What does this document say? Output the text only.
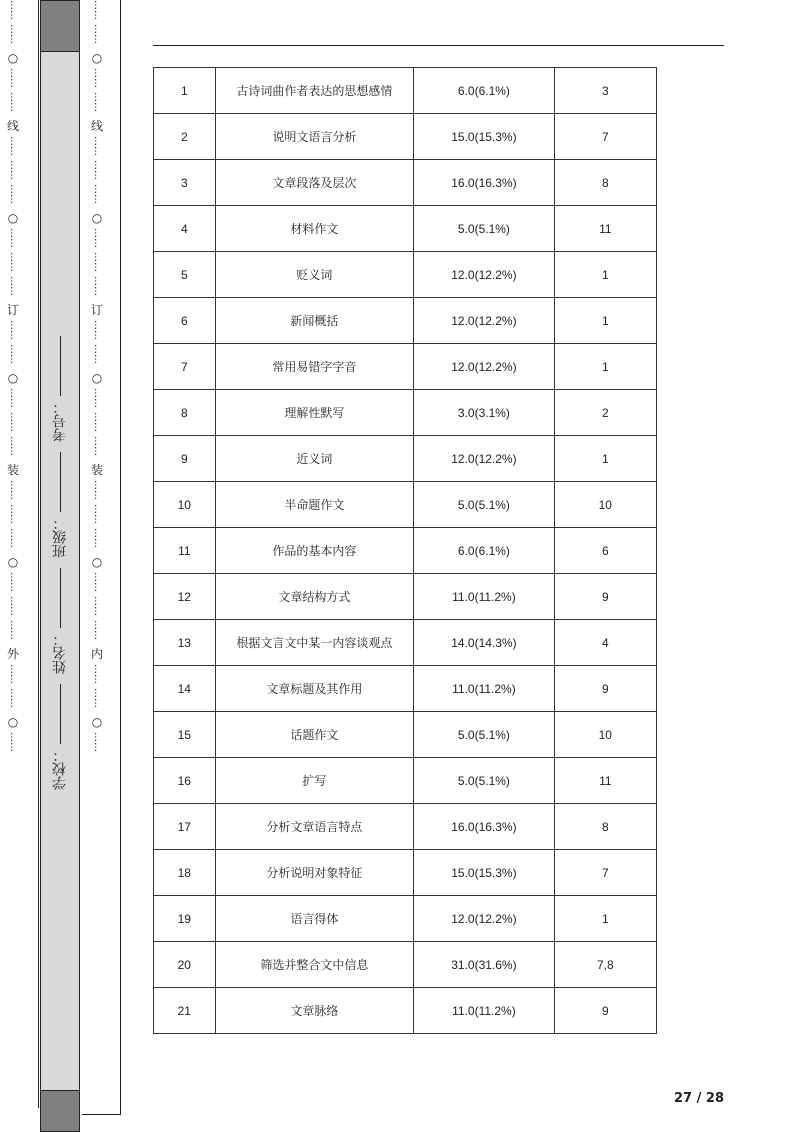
……
……
○
……
……
线
……
……
……
○
……
……
……
订
……
……
○
……
……
……
装
……
……
……
○
……
……
……
外
……
……
○
……
学校：
姓名：
班级：
考号：
……
……
○
……
……
线
……
……
……
○
……
……
……
订
……
……
○
……
……
……
装
……
……
……
○
……
……
……
内
……
……
○
……
1	古诗词曲作者表达的思想感情	6.0(6.1%)	3
2	说明文语言分析	15.0(15.3%)	7
3	文章段落及层次	16.0(16.3%)	8
4	材料作文	5.0(5.1%)	11
5	贬义词	12.0(12.2%)	1
6	新闻概括	12.0(12.2%)	1
7	常用易错字字音	12.0(12.2%)	1
8	理解性默写	3.0(3.1%)	2
9	近义词	12.0(12.2%)	1
10	半命题作文	5.0(5.1%)	10
11	作品的基本内容	6.0(6.1%)	6
12	文章结构方式	11.0(11.2%)	9
13	根据文言文中某一内容谈观点	14.0(14.3%)	4
14	文章标题及其作用	11.0(11.2%)	9
15	话题作文	5.0(5.1%)	10
16	扩写	5.0(5.1%)	11
17	分析文章语言特点	16.0(16.3%)	8
18	分析说明对象特征	15.0(15.3%)	7
19	语言得体	12.0(12.2%)	1
20	筛选并整合文中信息	31.0(31.6%)	7,8
21	文章脉络	11.0(11.2%)	9
27 / 28
